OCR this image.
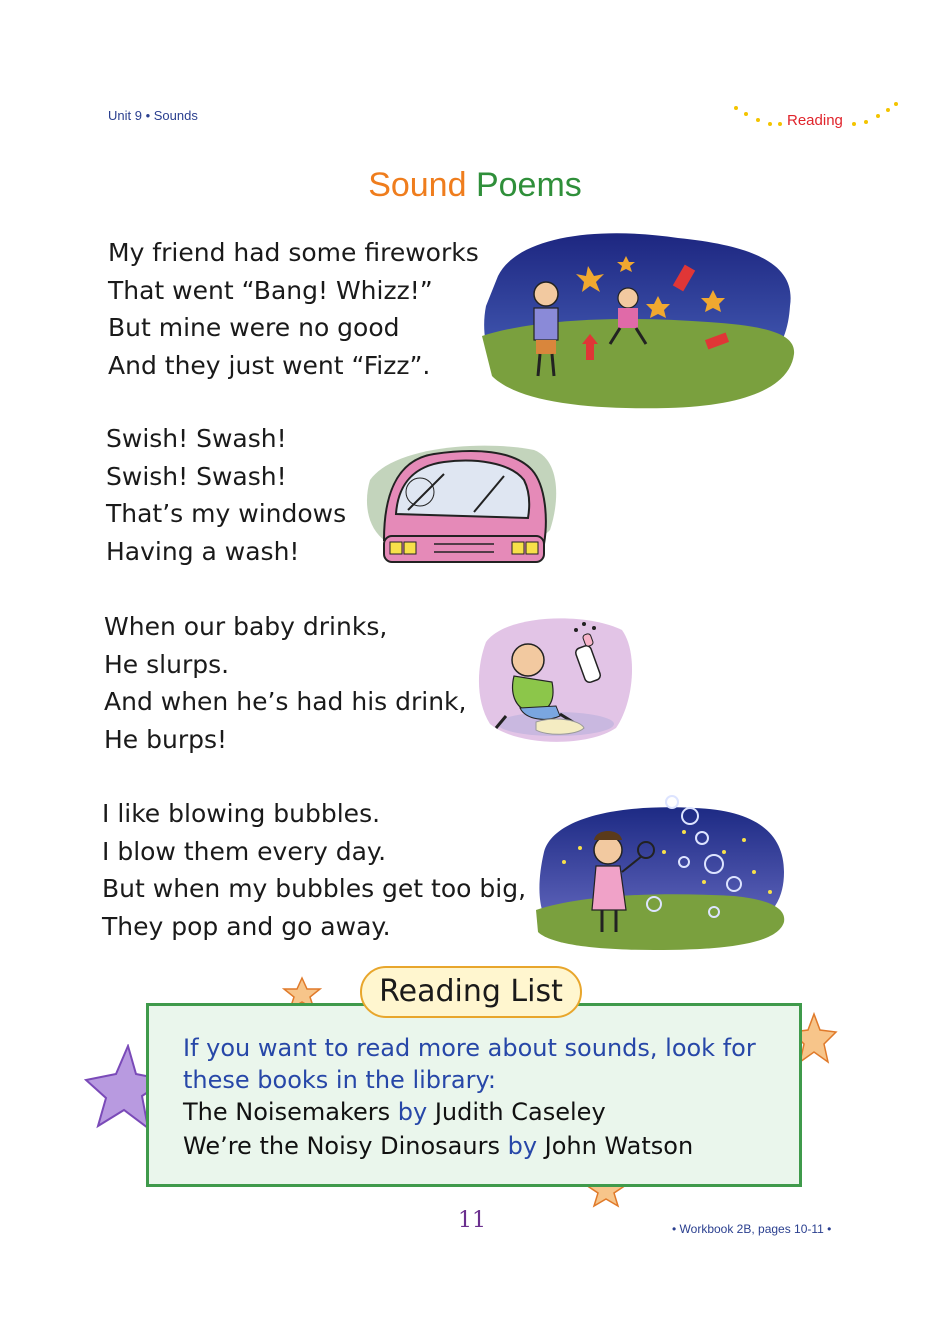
Unit 9 • Sounds	Reading
Sound Poems
My friend had some fireworks
That went “Bang! Whizz!”
But mine were no good
And they just went “Fizz”.
Swish! Swash!
Swish! Swash!
That’s my windows
Having a wash!
When our baby drinks,
He slurps.
And when he’s had his drink,
He burps!
I like blowing bubbles.
I blow them every day.
But when my bubbles get too big,
They pop and go away.
Reading List
If you want to read more about sounds, look for
these books in the library:
The Noisemakers by Judith Caseley
We’re the Noisy Dinosaurs by John Watson
11	• Workbook 2B, pages 10-11 •
